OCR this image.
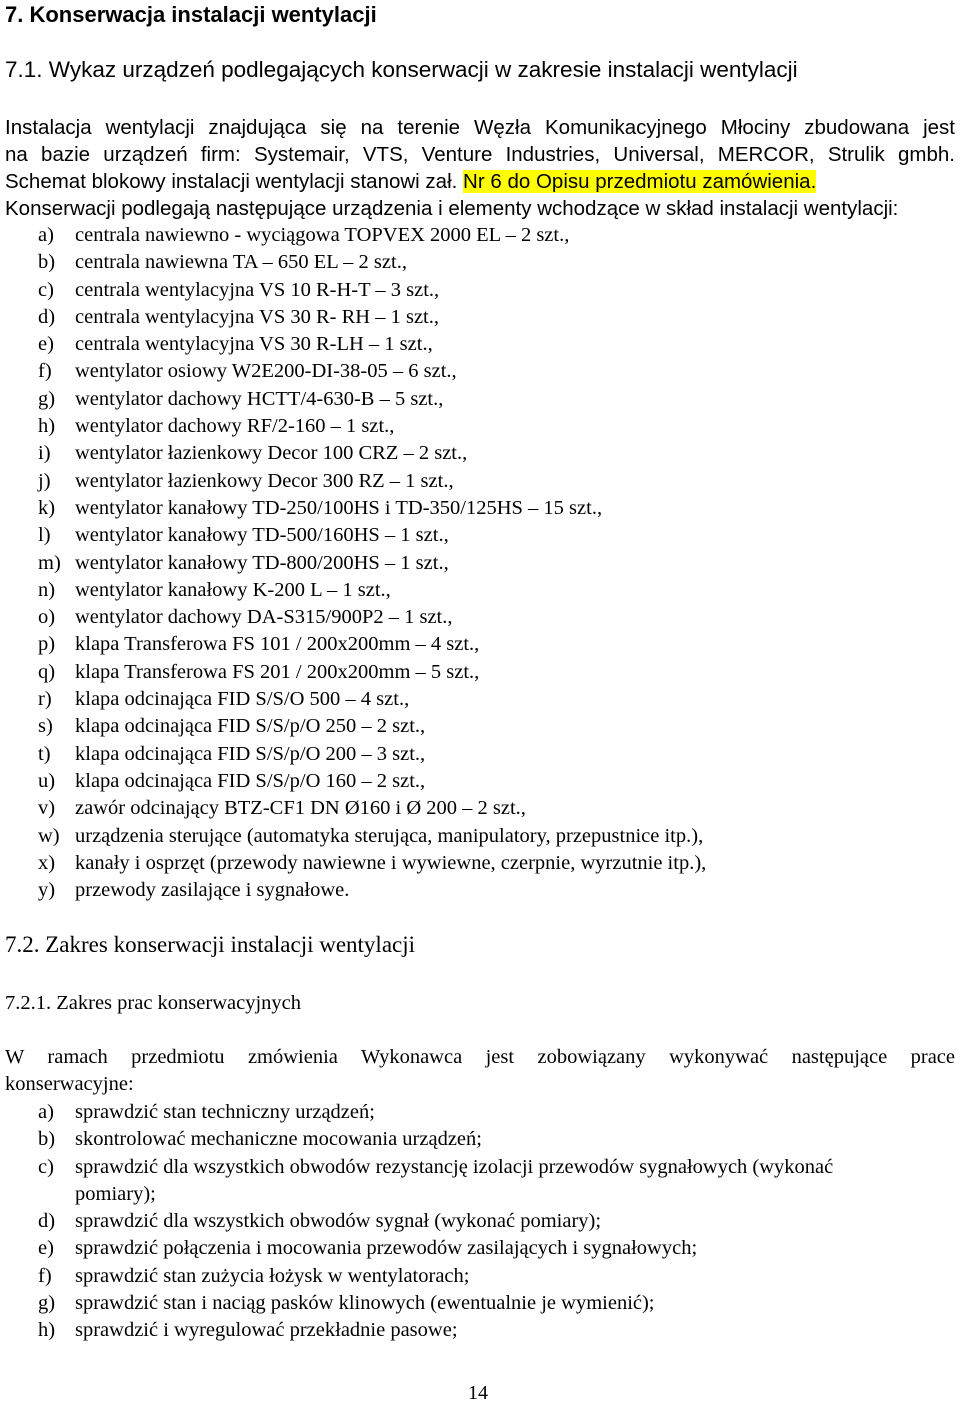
7. Konserwacja instalacji wentylacji
7.1. Wykaz urządzeń podlegających konserwacji w zakresie instalacji wentylacji
Instalacja wentylacji znajdująca się na terenie Węzła Komunikacyjnego Młociny zbudowana jest
na bazie urządzeń firm: Systemair, VTS, Venture Industries, Universal, MERCOR, Strulik gmbh.
Schemat blokowy instalacji wentylacji stanowi zał. Nr 6 do Opisu przedmiotu zamówienia.
Konserwacji podlegają następujące urządzenia i elementy wchodzące w skład instalacji wentylacji:
a) centrala nawiewno - wyciągowa TOPVEX 2000 EL – 2 szt.,
b) centrala nawiewna TA – 650 EL – 2 szt.,
c) centrala wentylacyjna VS 10 R-H-T – 3 szt.,
d) centrala wentylacyjna VS 30 R- RH – 1 szt.,
e) centrala wentylacyjna VS 30 R-LH – 1 szt.,
f) wentylator osiowy W2E200-DI-38-05 – 6 szt.,
g) wentylator dachowy HCTT/4-630-B – 5 szt.,
h) wentylator dachowy RF/2-160 – 1 szt.,
i) wentylator łazienkowy Decor 100 CRZ – 2 szt.,
j) wentylator łazienkowy Decor 300 RZ – 1 szt.,
k) wentylator kanałowy TD-250/100HS i TD-350/125HS – 15 szt.,
l) wentylator kanałowy TD-500/160HS – 1 szt.,
m) wentylator kanałowy TD-800/200HS – 1 szt.,
n) wentylator kanałowy K-200 L – 1 szt.,
o) wentylator dachowy DA-S315/900P2 – 1 szt.,
p) klapa Transferowa FS 101 / 200x200mm – 4 szt.,
q) klapa Transferowa FS 201 / 200x200mm – 5 szt.,
r) klapa odcinająca FID S/S/O 500 – 4 szt.,
s) klapa odcinająca FID S/S/p/O 250 – 2 szt.,
t) klapa odcinająca FID S/S/p/O 200 – 3 szt.,
u) klapa odcinająca FID S/S/p/O 160 – 2 szt.,
v) zawór odcinający BTZ-CF1 DN Ø160 i Ø 200 – 2 szt.,
w) urządzenia sterujące (automatyka sterująca, manipulatory, przepustnice itp.),
x) kanały i osprzęt (przewody nawiewne i wywiewne, czerpnie, wyrzutnie itp.),
y) przewody zasilające i sygnałowe.
7.2. Zakres konserwacji instalacji wentylacji
7.2.1. Zakres prac konserwacyjnych
W ramach przedmiotu zmówienia Wykonawca jest zobowiązany wykonywać następujące prace
konserwacyjne:
a) sprawdzić stan techniczny urządzeń;
b) skontrolować mechaniczne mocowania urządzeń;
c) sprawdzić dla wszystkich obwodów rezystancję izolacji przewodów sygnałowych (wykonać
pomiary);
d) sprawdzić dla wszystkich obwodów sygnał (wykonać pomiary);
e) sprawdzić połączenia i mocowania przewodów zasilających i sygnałowych;
f) sprawdzić stan zużycia łożysk w wentylatorach;
g) sprawdzić stan i naciąg pasków klinowych (ewentualnie je wymienić);
h) sprawdzić i wyregulować przekładnie pasowe;
14
